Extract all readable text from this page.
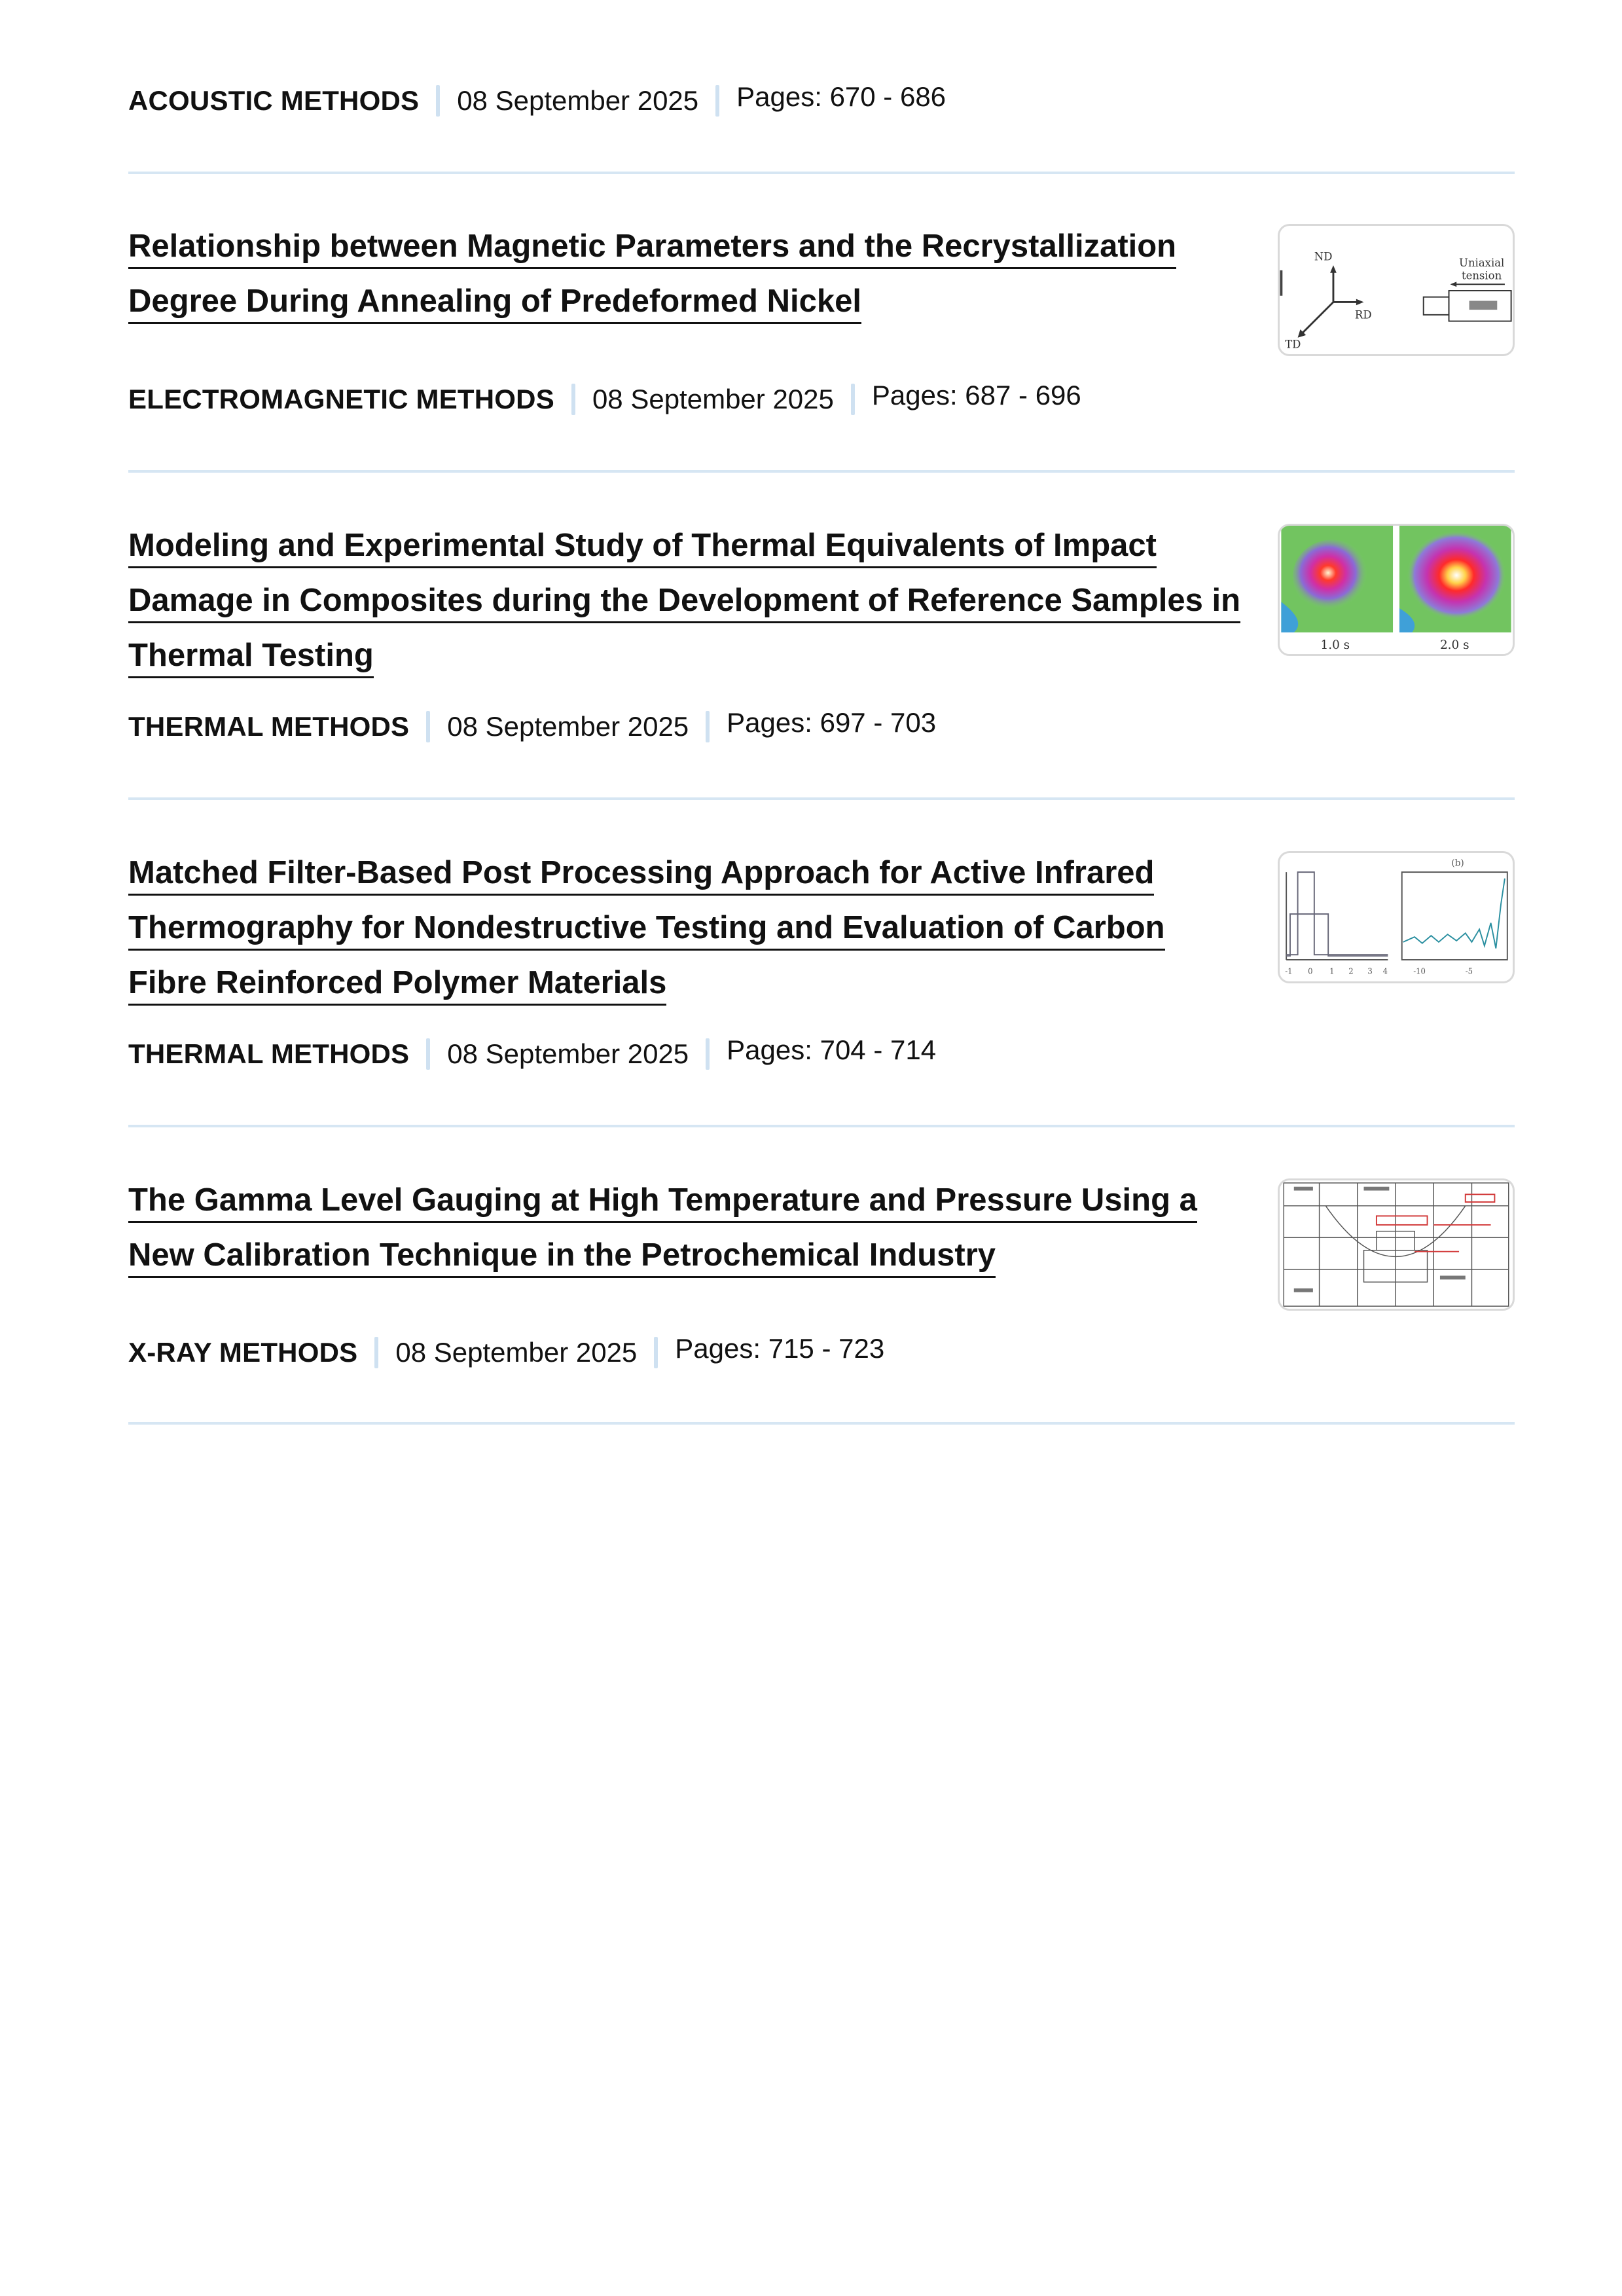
ACOUSTIC METHODS 08 September 2025 Pages: 670 - 686
Relationship between Magnetic Parameters and the Recrystallization
Degree During Annealing of Predeformed Nickel
ND
RD
TD
Uniaxial
tension
ELECTROMAGNETIC METHODS 08 September 2025 Pages: 687 - 696
Modeling and Experimental Study of Thermal Equivalents of Impact
Damage in Composites during the Development of Reference Samples in
Thermal Testing	1.0 s	2.0 s
THERMAL METHODS 08 September 2025 Pages: 697 - 703
Matched Filter-Based Post Processing Approach for Active Infrared
Thermography for Nondestructive Testing and Evaluation of Carbon
Fibre Reinforced Polymer Materials	-1 0 1 2 3 4
(b)
-10	-5
THERMAL METHODS 08 September 2025 Pages: 704 - 714
The Gamma Level Gauging at High Temperature and Pressure Using a
New Calibration Technique in the Petrochemical Industry
X-RAY METHODS 08 September 2025 Pages: 715 - 723
